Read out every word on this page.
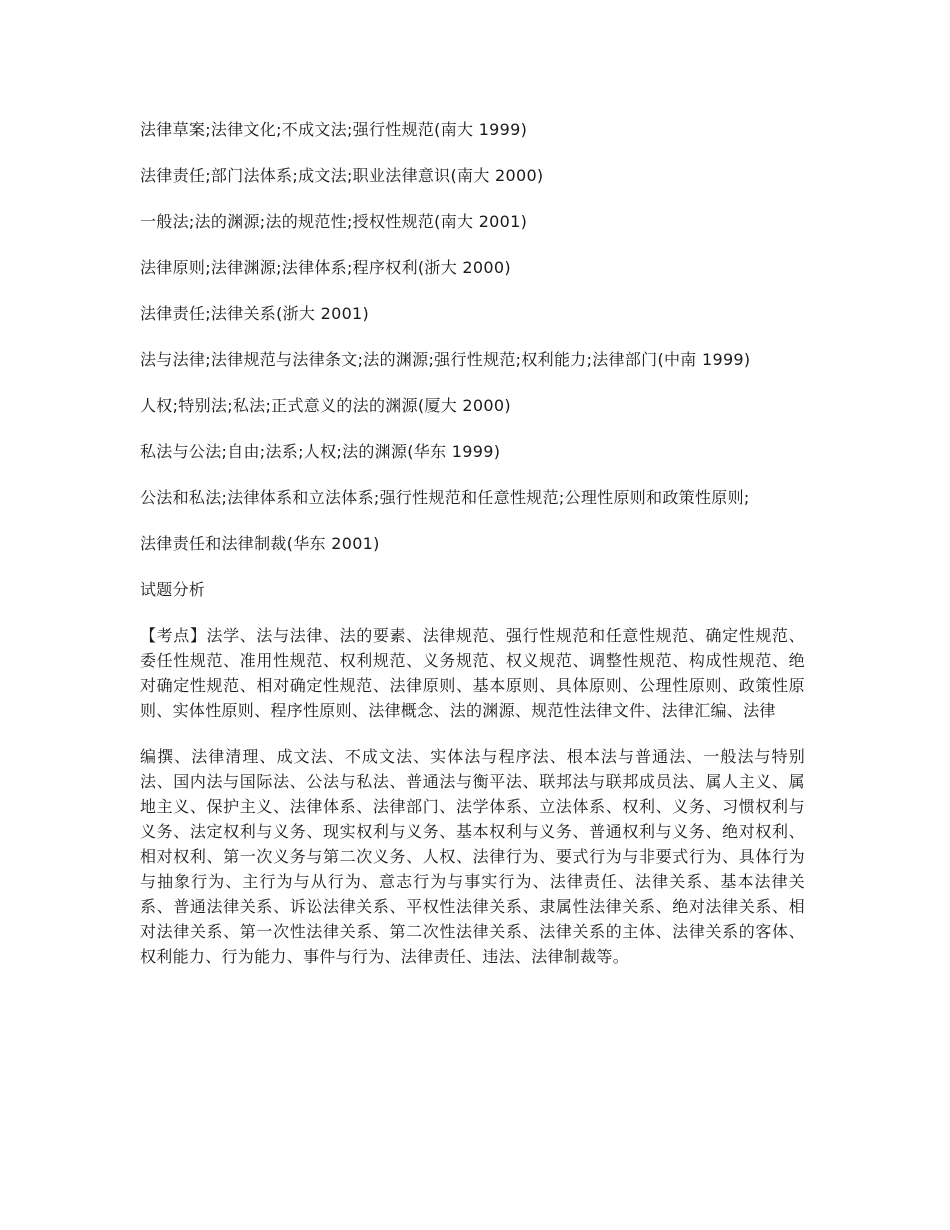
法律草案;法律文化;不成文法;强行性规范(南大 1999)

法律责任;部门法体系;成文法;职业法律意识(南大 2000)

一般法;法的渊源;法的规范性;授权性规范(南大 2001)

法律原则;法律渊源;法律体系;程序权利(浙大 2000)

法律责任;法律关系(浙大 2001)

法与法律;法律规范与法律条文;法的渊源;强行性规范;权利能力;法律部门(中南 1999)

人权;特别法;私法;正式意义的法的渊源(厦大 2000)

私法与公法;自由;法系;人权;法的渊源(华东 1999)

公法和私法;法律体系和立法体系;强行性规范和任意性规范;公理性原则和政策性原则;

法律责任和法律制裁(华东 2001)

试题分析

【考点】法学、法与法律、法的要素、法律规范、强行性规范和任意性规范、确定性规范、委任性规范、准用性规范、权利规范、义务规范、权义规范、调整性规范、构成性规范、绝对确定性规范、相对确定性规范、法律原则、基本原则、具体原则、公理性原则、政策性原则、实体性原则、程序性原则、法律概念、法的渊源、规范性法律文件、法律汇编、法律

编撰、法律清理、成文法、不成文法、实体法与程序法、根本法与普通法、一般法与特别法、国内法与国际法、公法与私法、普通法与衡平法、联邦法与联邦成员法、属人主义、属地主义、保护主义、法律体系、法律部门、法学体系、立法体系、权利、义务、习惯权利与义务、法定权利与义务、现实权利与义务、基本权利与义务、普通权利与义务、绝对权利、相对权利、第一次义务与第二次义务、人权、法律行为、要式行为与非要式行为、具体行为与抽象行为、主行为与从行为、意志行为与事实行为、法律责任、法律关系、基本法律关系、普通法律关系、诉讼法律关系、平权性法律关系、隶属性法律关系、绝对法律关系、相对法律关系、第一次性法律关系、第二次性法律关系、法律关系的主体、法律关系的客体、权利能力、行为能力、事件与行为、法律责任、违法、法律制裁等。
